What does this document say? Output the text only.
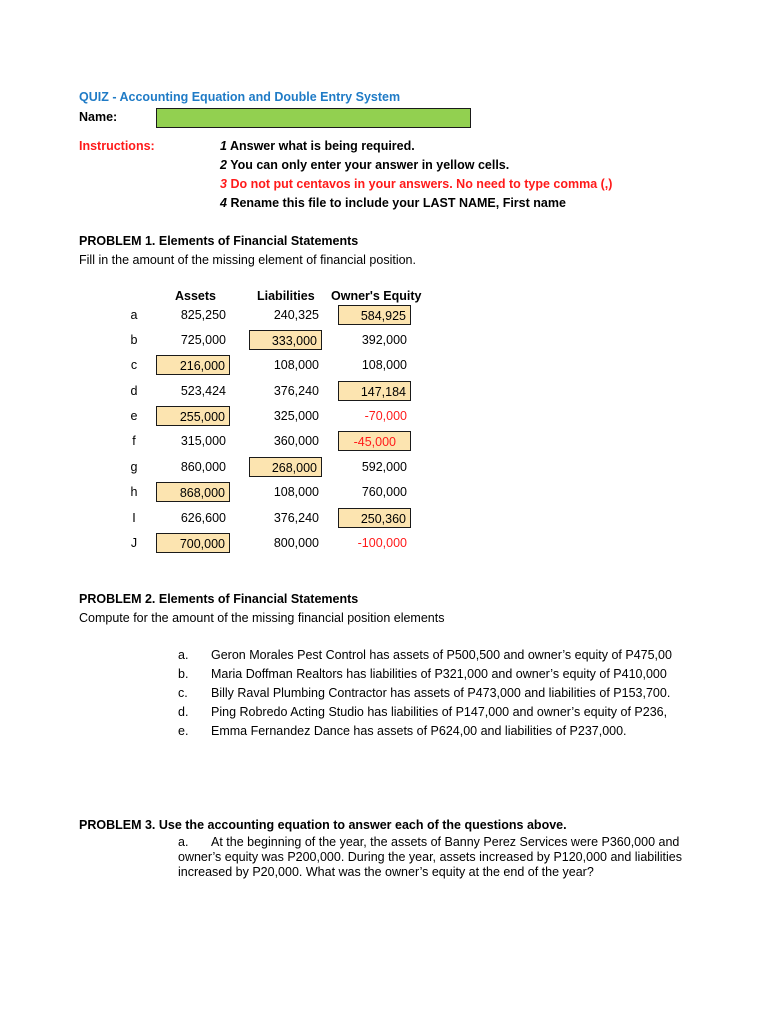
QUIZ - Accounting Equation and Double Entry System
Name:
Instructions:	1 Answer what is being required.
2 You can only enter your answer in yellow cells.
3 Do not put centavos in your answers. No need to type comma (,)
4 Rename this file to include your LAST NAME, First name
PROBLEM 1. Elements of Financial Statements
Fill in the amount of the missing element of financial position.
Assets	Liabilities Owner's Equity
a	825,250	240,325	584,925
b	725,000	333,000	392,000
c	216,000	108,000	108,000
d	523,424	376,240	147,184
e	255,000	325,000	-70,000
f	315,000	360,000	-45,000
g	860,000	268,000	592,000
h	868,000	108,000	760,000
I	626,600	376,240	250,360
J	700,000	800,000	-100,000
PROBLEM 2. Elements of Financial Statements
Compute for the amount of the missing financial position elements
a. Geron Morales Pest Control has assets of P500,500 and owner’s equity of P475,00
b. Maria Doffman Realtors has liabilities of P321,000 and owner’s equity of P410,000
c. Billy Raval Plumbing Contractor has assets of P473,000 and liabilities of P153,700.
d. Ping Robredo Acting Studio has liabilities of P147,000 and owner’s equity of P236,
e. Emma Fernandez Dance has assets of P624,00 and liabilities of P237,000.
PROBLEM 3. Use the accounting equation to answer each of the questions above.
a. At the beginning of the year, the assets of Banny Perez Services were P360,000 and
owner’s equity was P200,000. During the year, assets increased by P120,000 and liabilities
increased by P20,000. What was the owner’s equity at the end of the year?
